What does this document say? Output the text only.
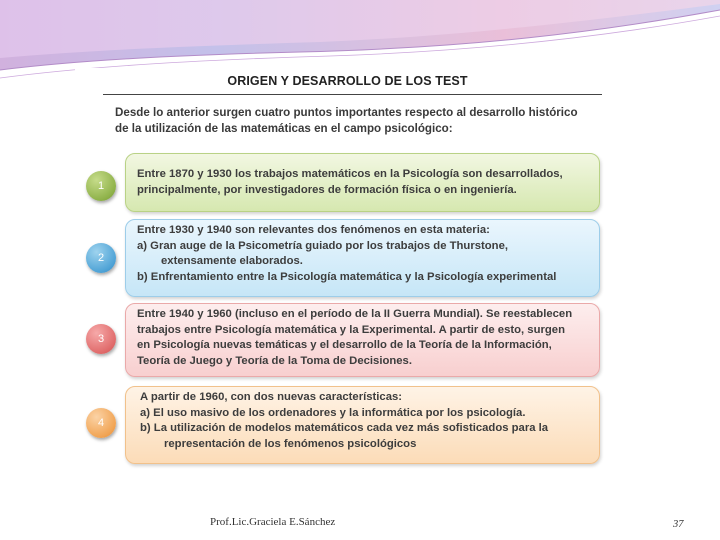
ORIGEN Y DESARROLLO DE LOS TEST
Desde lo anterior surgen cuatro puntos importantes respecto al desarrollo histórico
de la utilización de las matemáticas en el campo psicológico:
1
Entre 1870 y 1930 los trabajos matemáticos en la Psicología son desarrollados,
principalmente, por investigadores de formación física o en ingeniería.
2
Entre 1930 y 1940 son relevantes dos fenómenos en esta materia:
a) Gran auge de la Psicometría guiado por los trabajos de Thurstone,
extensamente elaborados.
b) Enfrentamiento entre la Psicología matemática y la Psicología experimental
3
Entre 1940 y 1960 (incluso en el período de la II Guerra Mundial). Se reestablecen
trabajos entre Psicología matemática y la Experimental. A partir de esto, surgen
en Psicología nuevas temáticas y el desarrollo de la Teoría de la Información,
Teoría de Juego y Teoría de la Toma de Decisiones.
4
A partir de 1960, con dos nuevas características:
a) El uso masivo de los ordenadores y la informática por los psicología.
b) La utilización de modelos matemáticos cada vez más sofisticados para la
representación de los fenómenos psicológicos
Prof.Lic.Graciela E.Sánchez	37
